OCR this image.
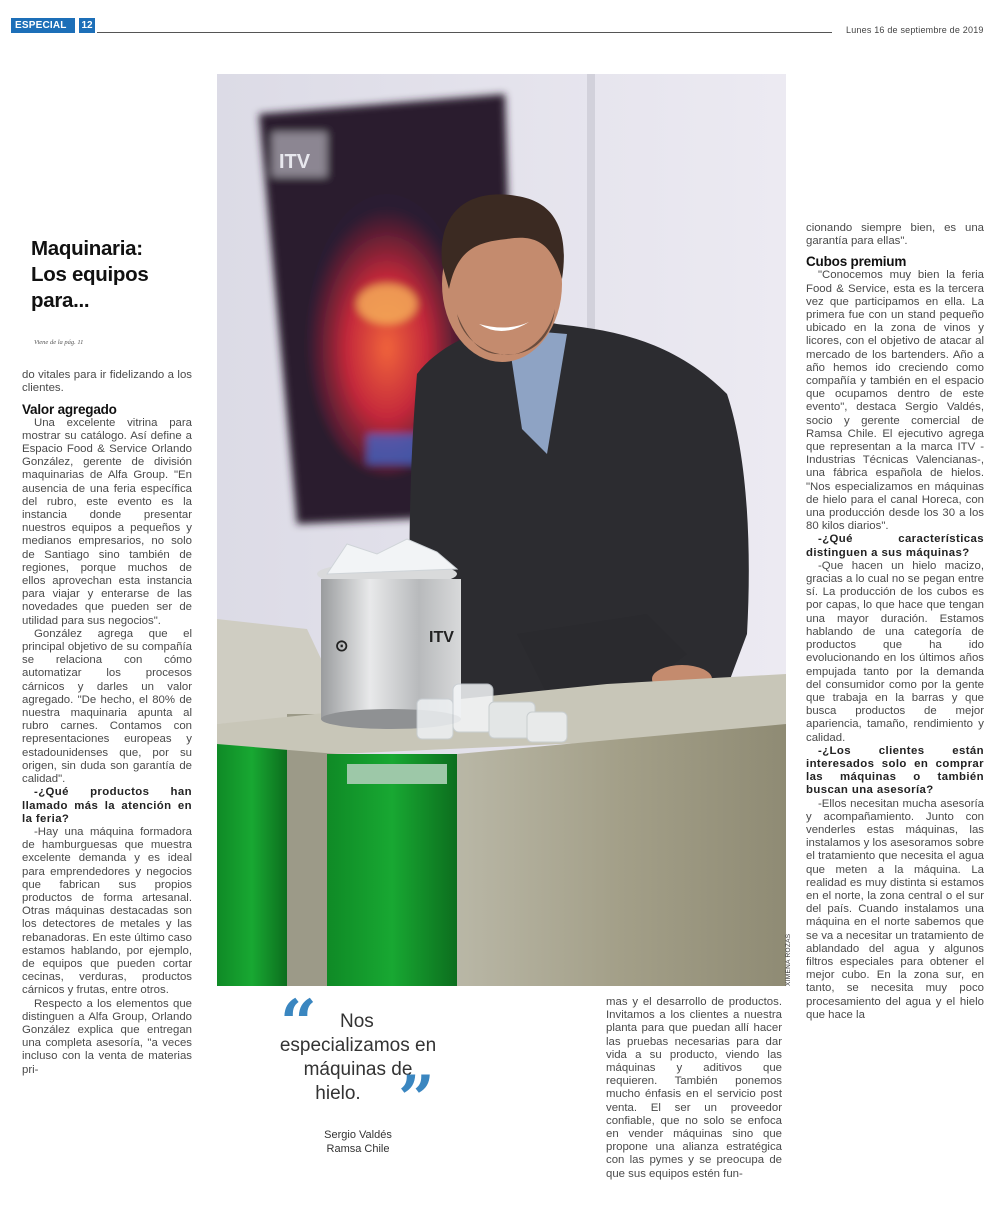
ESPECIAL	12	Lunes 16 de septiembre de 2019
Maquinaria:
Los equipos
para...
Viene de la pág. 11

do vitales para ir fidelizando a los clientes.

Valor agregado

Una excelente vitrina para mostrar su catálogo. Así define a Espacio Food & Service Orlando González, gerente de división maquinarias de Alfa Group. "En ausencia de una feria específica del rubro, este evento es la instancia donde presentar nuestros equipos a pequeños y medianos empresarios, no solo de Santiago sino también de regiones, porque muchos de ellos aprovechan esta instancia para viajar y enterarse de las novedades que pueden ser de utilidad para sus negocios".

González agrega que el principal objetivo de su compañía se relaciona con cómo automatizar los procesos cárnicos y darles un valor agregado. "De hecho, el 80% de nuestra maquinaria apunta al rubro carnes. Contamos con representaciones europeas y estadounidenses que, por su origen, sin duda son garantía de calidad".

-¿Qué productos han llamado más la atención en la feria?

-Hay una máquina formadora de hamburguesas que muestra excelente demanda y es ideal para emprendedores y negocios que fabrican sus propios productos de forma artesanal. Otras máquinas destacadas son los detectores de metales y las rebanadoras. En este último caso estamos hablando, por ejemplo, de equipos que pueden cortar cecinas, verduras, productos cárnicos y frutas, entre otros.

Respecto a los elementos que distinguen a Alfa Group, Orlando González explica que entregan una completa asesoría, "a veces incluso con la venta de materias pri-

ITV
ITV
⊙
XIMENA ROZAS
“	Nos
especializamos en
máquinas de
hielo. ”
Sergio Valdés
Ramsa Chile

mas y el desarrollo de productos. Invitamos a los clientes a nuestra planta para que puedan allí hacer las pruebas necesarias para dar vida a su producto, viendo las máquinas y aditivos que requieren. También ponemos mucho énfasis en el servicio post venta. El ser un proveedor confiable, que no solo se enfoca en vender máquinas sino que propone una alianza estratégica con las pymes y se preocupa de que sus equipos estén fun-

cionando siempre bien, es una garantía para ellas".

Cubos premium

"Conocemos muy bien la feria Food & Service, esta es la tercera vez que participamos en ella. La primera fue con un stand pequeño ubicado en la zona de vinos y licores, con el objetivo de atacar al mercado de los bartenders. Año a año hemos ido creciendo como compañía y también en el espacio que ocupamos dentro de este evento", destaca Sergio Valdés, socio y gerente comercial de Ramsa Chile. El ejecutivo agrega que representan a la marca ITV -Industrias Técnicas Valencianas-, una fábrica española de hielos. "Nos especializamos en máquinas de hielo para el canal Horeca, con una producción desde los 30 a los 80 kilos diarios".

-¿Qué características distinguen a sus máquinas?

-Que hacen un hielo macizo, gracias a lo cual no se pegan entre sí. La producción de los cubos es por capas, lo que hace que tengan una mayor duración. Estamos hablando de una categoría de productos que ha ido evolucionando en los últimos años empujada tanto por la demanda del consumidor como por la gente que trabaja en la barras y que busca productos de mejor apariencia, tamaño, rendimiento y calidad.

-¿Los clientes están interesados solo en comprar las máquinas o también buscan una asesoría?

-Ellos necesitan mucha asesoría y acompañamiento. Junto con venderles estas máquinas, las instalamos y los asesoramos sobre el tratamiento que necesita el agua que meten a la máquina. La realidad es muy distinta si estamos en el norte, la zona central o el sur del país. Cuando instalamos una máquina en el norte sabemos que se va a necesitar un tratamiento de ablandado del agua y algunos filtros especiales para obtener el mejor cubo. En la zona sur, en tanto, se necesita muy poco procesamiento del agua y el hielo que hace la
